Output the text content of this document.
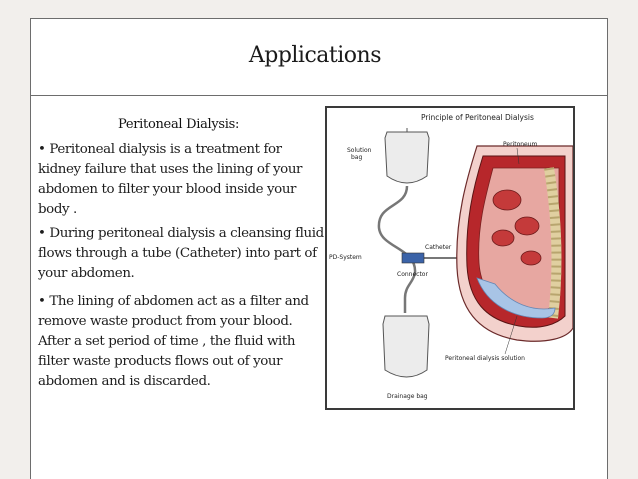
Applications
Peritoneal Dialysis:
• Peritoneal dialysis is a treatment for kidney failure that uses the lining of your abdomen to filter your blood inside your body .
• During peritoneal dialysis a cleansing fluid flows through a tube (Catheter) into part of your abdomen.
• The lining of abdomen act as a filter and remove waste product from your blood. After a set period of time , the fluid with filter waste products flows out of your abdomen and is discarded.
Principle of Peritoneal Dialysis
Solution
bag
PD-System
Catheter
Connector
Drainage bag
Peritoneum
Peritoneal dialysis solution
